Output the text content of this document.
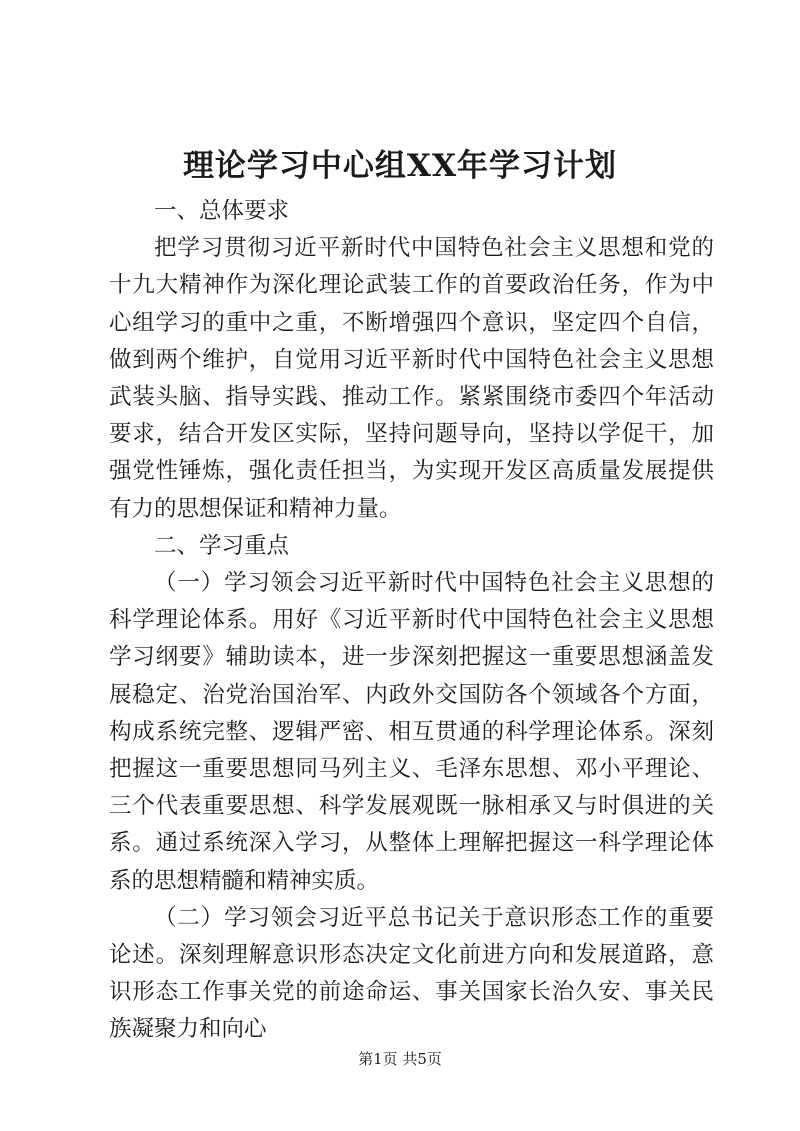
理论学习中心组XX年学习计划

一、总体要求

把学习贯彻习近平新时代中国特色社会主义思想和党的十九大精神作为深化理论武装工作的首要政治任务，作为中心组学习的重中之重，不断增强四个意识，坚定四个自信，做到两个维护，自觉用习近平新时代中国特色社会主义思想武装头脑、指导实践、推动工作。紧紧围绕市委四个年活动要求，结合开发区实际，坚持问题导向，坚持以学促干，加强党性锤炼，强化责任担当，为实现开发区高质量发展提供有力的思想保证和精神力量。

二、学习重点

（一）学习领会习近平新时代中国特色社会主义思想的科学理论体系。用好《习近平新时代中国特色社会主义思想学习纲要》辅助读本，进一步深刻把握这一重要思想涵盖发展稳定、治党治国治军、内政外交国防各个领域各个方面，构成系统完整、逻辑严密、相互贯通的科学理论体系。深刻把握这一重要思想同马列主义、毛泽东思想、邓小平理论、三个代表重要思想、科学发展观既一脉相承又与时俱进的关系。通过系统深入学习，从整体上理解把握这一科学理论体系的思想精髓和精神实质。

（二）学习领会习近平总书记关于意识形态工作的重要论述。深刻理解意识形态决定文化前进方向和发展道路，意识形态工作事关党的前途命运、事关国家长治久安、事关民族凝聚力和向心

第1页 共5页
